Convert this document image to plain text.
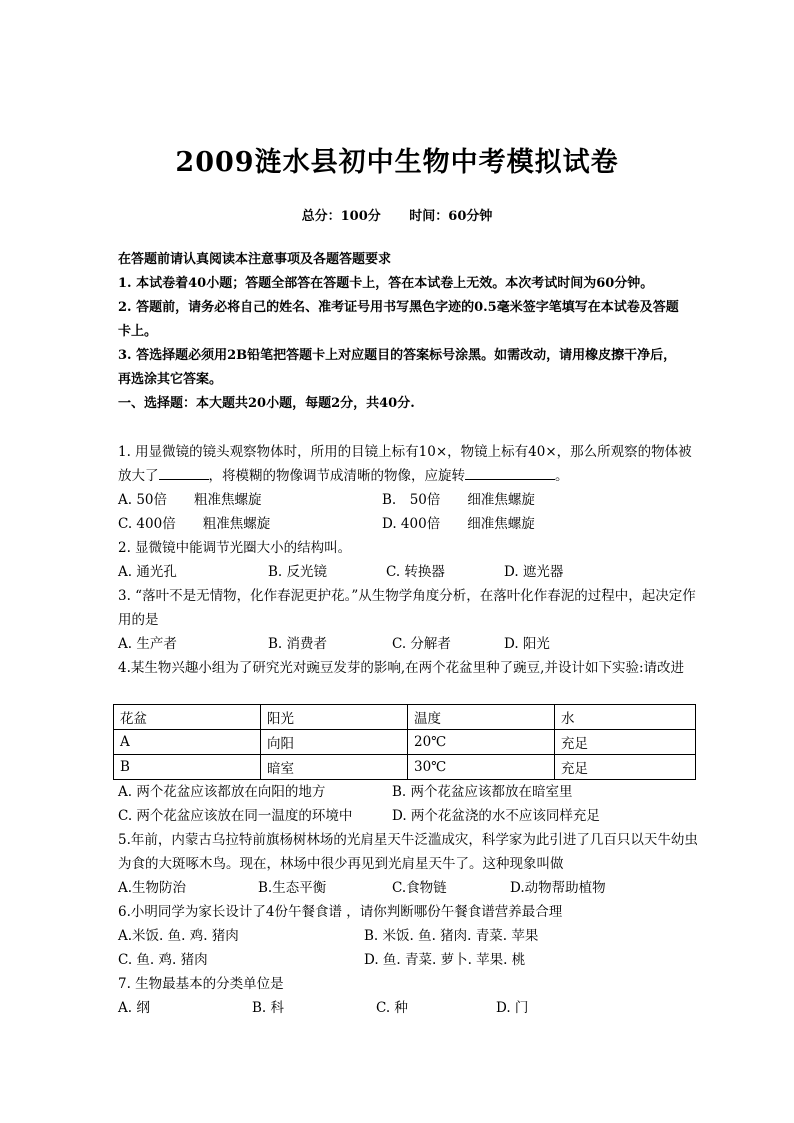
2009涟水县初中生物中考模拟试卷
总分：100分 时间：60分钟
在答题前请认真阅读本注意事项及各题答题要求
1. 本试卷着40小题；答题全部答在答题卡上，答在本试卷上无效。本次考试时间为60分钟。
2. 答题前，请务必将自己的姓名、准考证号用书写黑色字迹的0.5毫米签字笔填写在本试卷及答题卡上。
3. 答选择题必须用2B铅笔把答题卡上对应题目的答案标号涂黑。如需改动，请用橡皮擦干净后，再选涂其它答案。
一、选择题：本大题共20小题，每题2分，共40分.

1. 用显微镜的镜头观察物体时，所用的目镜上标有10×，物镜上标有40×，那么所观察的物体被放大了	，将模糊的物像调节成清晰的物像，应旋转	。

A. 50倍　　粗准焦螺旋	B.　50倍　　细准焦螺旋
C. 400倍　　粗准焦螺旋	D. 400倍　　细准焦螺旋

2. 显微镜中能调节光圈大小的结构叫。

A. 通光孔	B. 反光镜	C. 转换器	D. 遮光器

3. “落叶不是无情物，化作春泥更护花。”从生物学角度分析，在落叶化作春泥的过程中，起决定作用的是

A. 生产者	B. 消费者	C. 分解者	D. 阳光

4.某生物兴趣小组为了研究光对豌豆发芽的影响,在两个花盆里种了豌豆,并设计如下实验:请改进

花盆	阳光	温度	水
A	向阳	20℃	充足
B	暗室	30℃	充足
A. 两个花盆应该都放在向阳的地方	B. 两个花盆应该都放在暗室里
C. 两个花盆应该放在同一温度的环境中	D. 两个花盆浇的水不应该同样充足

5.年前，内蒙古乌拉特前旗杨树林场的光肩星天牛泛滥成灾，科学家为此引进了几百只以天牛幼虫为食的大斑啄木鸟。现在，林场中很少再见到光肩星天牛了。这种现象叫做

A.生物防治	B.生态平衡	C.食物链	D.动物帮助植物

6.小明同学为家长设计了4份午餐食谱 ，请你判断哪份午餐食谱营养最合理

A.米饭. 鱼. 鸡. 猪肉	B. 米饭. 鱼. 猪肉. 青菜. 苹果
C. 鱼. 鸡. 猪肉	D. 鱼. 青菜. 萝卜. 苹果. 桃

7. 生物最基本的分类单位是

A. 纲	B. 科	C. 种	D. 门
